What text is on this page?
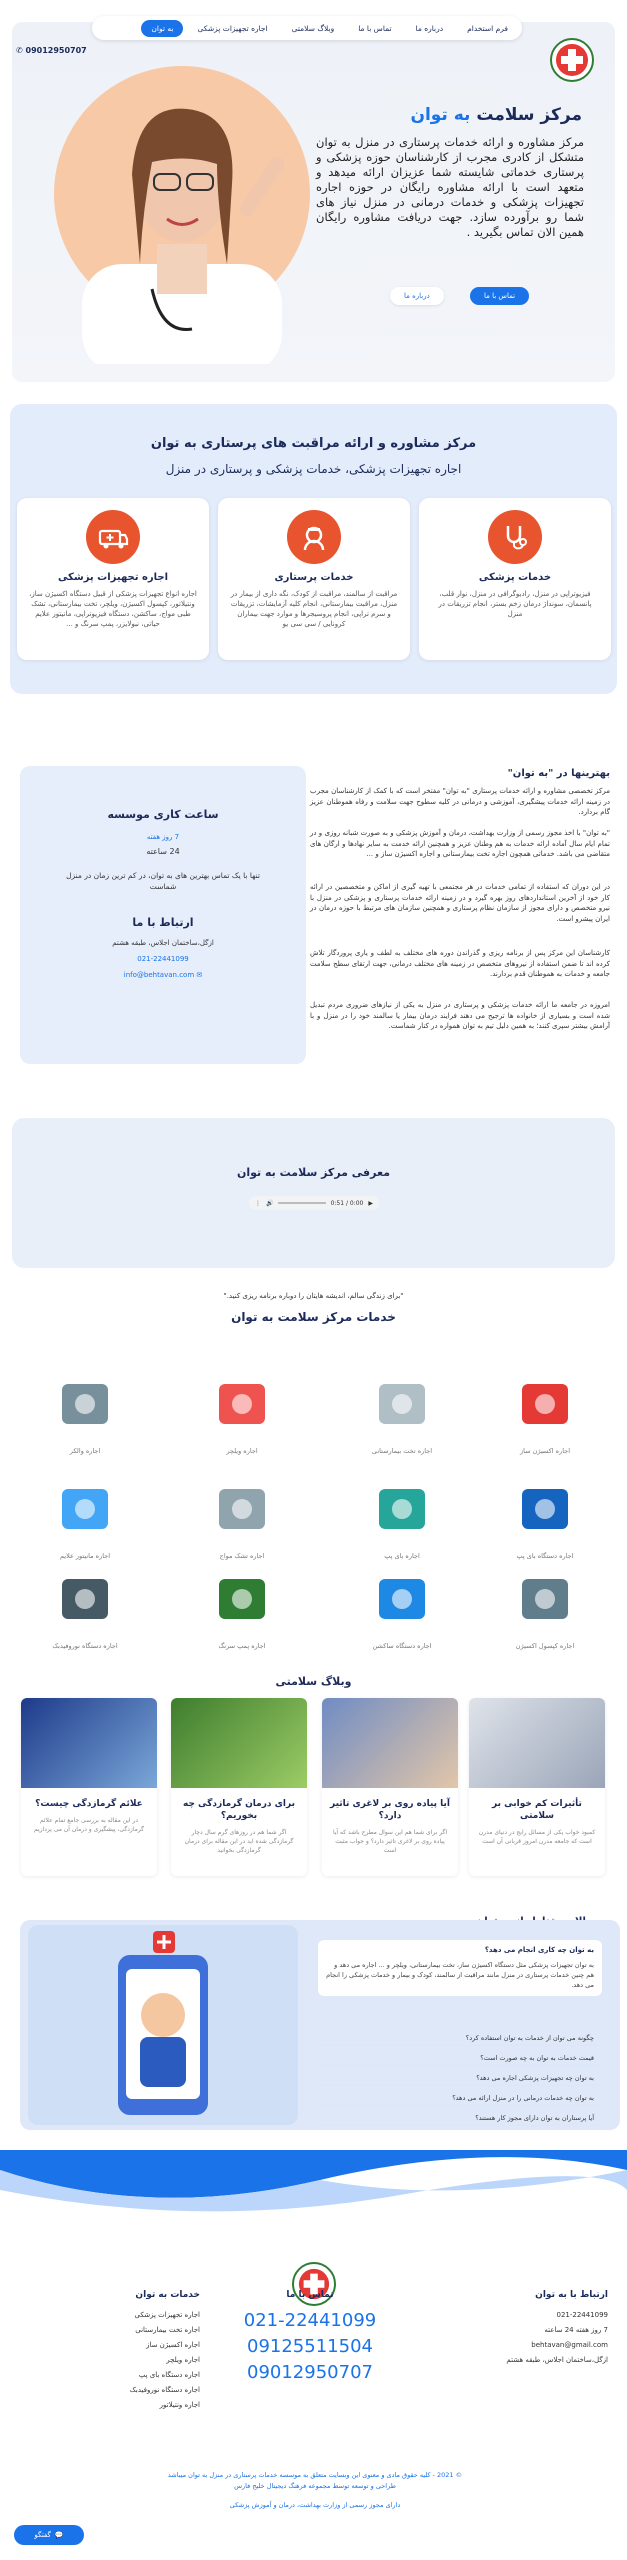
فرم استخدام
درباره ما
تماس با ما
وبلاگ سلامتی
اجاره تجهیزات پزشکی
به توان
✆ 09012950707
مرکز سلامت به توان
مرکز مشاوره و ارائه خدمات پرستاری در منزل به توان متشکل از کادری مجرب از کارشناسان حوزه پزشکی و پرستاری خدماتی شایسته شما عزیزان ارائه میدهد و متعهد است با ارائه مشاوره رایگان در حوزه اجاره تجهیزات پزشکی و خدمات درمانی در منزل نیاز های شما رو برآورده سازد. جهت دریافت مشاوره رایگان همین الان تماس بگیرید .
تماس با ما
درباره ما
مرکز مشاوره و ارائه مراقبت های پرستاری به توان
اجاره تجهیزات پزشکی، خدمات پزشکی و پرستاری در منزل
خدمات پزشکی

فیزیوتراپی در منزل، رادیوگرافی در منزل، نوار قلب، پانسمان، سونداژ درمان زخم بستر، انجام تزریقات در منزل

خدمات پرستاری

مراقبت از سالمند، مراقبت از کودک، نگه داری از بیمار در منزل، مراقبت بیمارستانی، انجام کلیه آزمایشات، تزریقات و سرم تراپی، انجام پروسیجرها و موارد جهت بیماران کرونایی / سی سی یو

اجاره تجهیزات پزشکی

اجاره انواع تجهیزات پزشکی از قبیل دستگاه اکسیژن ساز، ونتیلاتور، کپسول اکسیژن، ویلچر، تخت بیمارستانی، تشک طبی مواج، ساکشن، دستگاه فیزیوتراپی، مانیتور علایم حیاتی، نبولایزر، پمپ سرنگ و ...

بهترینها در "به توان"
مرکز تخصصی مشاوره و ارائه خدمات پرستاری "به توان" مفتخر است که با کمک از کارشناسان مجرب در زمینه ارائه خدمات پیشگیری، آموزشی و درمانی در کلیه سطوح جهت سلامت و رفاه هموطنان عزیز گام بردارد.
"به توان" با اخذ مجوز رسمی از وزارت بهداشت، درمان و آموزش پزشکی و به صورت شبانه روزی و در تمام ایام سال آماده ارائه خدمات به هم وطنان عزیز و همچنین ارائه خدمت به سایر نهادها و ارگان های متقاضی می باشد. خدماتی همچون اجاره تخت بیمارستانی و اجاره اکسیژن ساز و ...
در این دوران که استفاده از تمامی خدمات در هر مجتمعی با تهیه گیری از اماکن و متخصصین در ارائه کار خود از آخرین استانداردهای روز بهره گیرد و در زمینه ارائه خدمات پرستاری و پزشکی در منزل با نیرو متخصص و دارای مجوز از سازمان نظام پرستاری و همچنین سازمان های مرتبط با حوزه درمان در ایران پیشرو است.
کارشناسان این مرکز پس از برنامه ریزی و گذراندن دوره های مختلف به لطف و یاری پروردگار تلاش کرده اند تا ضمن استفاده از نیروهای متخصص در زمینه های مختلف درمانی، جهت ارتقای سطح سلامت جامعه و خدمات به هموطنان قدم بردارند.
امروزه در جامعه ما ارائه خدمات پزشکی و پرستاری در منزل به یکی از نیازهای ضروری مردم تبدیل شده است و بسیاری از خانواده ها ترجیح می دهند فرایند درمان بیمار یا سالمند خود را در منزل و با آرامش بیشتر سپری کنند؛ به همین دلیل تیم به توان همواره در کنار شماست.
ساعت کاری موسسه
7 روز هفته
24 ساعته
تنها با یک تماس بهترین های به توان، در کم ترین زمان در منزل شماست
ارتباط با ما
ازگل،ساختمان اجلاس، طبقه هشتم
021-22441099
✉ info@behtavan.com
معرفی مرکز سلامت به توان
▶
0:00 / 0:51
🔊
⋮
"برای زندگی سالم، اندیشه هایتان را دوباره برنامه ریزی کنید."
خدمات مرکز سلامت به توان
اجاره اکسیژن ساز
اجاره تخت بیمارستانی
اجاره ویلچر
اجاره والکر
اجاره دستگاه بای پپ
اجاره بای پپ
اجاره تشک مواج
اجاره مانیتور علایم
اجاره کپسول اکسیژن
اجاره دستگاه ساکشن
اجاره پمپ سرنگ
اجاره دستگاه نوروفیدبک
وبلاگ سلامتی
تأثیرات کم خوابی بر سلامتی

کمبود خواب یکی از مسائل رایج در دنیای مدرن است که جامعه مدرن امروز قربانی آن است

آیا پیاده روی بر لاغری تاثیر دارد؟

اگر برای شما هم این سوال مطرح باشد که آیا پیاده روی بر لاغری تاثیر دارد؟ و جواب مثبت است

برای درمان گرمازدگی چه بخوریم؟

اگر شما هم در روزهای گرم سال دچار گرمازدگی شده اید در این مقاله برای درمان گرمازدگی بخوانید

علائم گرمازدگی چیست؟

در این مقاله به بررسی جامع تمام علائم گرمازدگی، پیشگیری و درمان آن می پردازیم

به توان چه کاری انجام می دهد؟
به توان تجهیزات پزشکی مثل دستگاه اکسیژن ساز، تخت بیمارستانی، ویلچر و ... اجاره می دهد و هم چنین خدمات پرستاری در منزل مانند مراقبت از سالمند، کودک و بیمار و خدمات پزشکی را انجام می دهد.
چگونه می توان از خدمات به توان استفاده کرد؟
قیمت خدمات به توان به چه صورت است؟
به توان چه تجهیزات پزشکی اجاره می دهد؟
به توان چه خدمات درمانی را در منزل ارائه می دهد؟
آیا پرستاران به توان دارای مجوز کار هستند؟
ارتباط با به توان
021-22441099
7 روز هفته 24 ساعته
behtavan@gmail.com
ازگل،ساختمان اجلاس، طبقه هشتم
تماس با ما
021-22441099
09125511504
09012950707
خدمات به توان
اجاره تجهیزات پزشکی
اجاره تخت بیمارستانی
اجاره اکسیژن ساز
اجاره ویلچر
اجاره دستگاه بای پپ
اجاره دستگاه نوروفیدبک
اجاره ونتیلاتور
© 2021 - کلیه حقوق مادی و معنوی این وبسایت متعلق به موسسه خدمات پرستاری در منزل به توان میباشد
طراحی و توسعه توسط مجموعه فرهنگ دیجیتال خلیج فارس
دارای مجوز رسمی از وزارت بهداشت، درمان و آموزش پزشکی
💬
گفتگو
